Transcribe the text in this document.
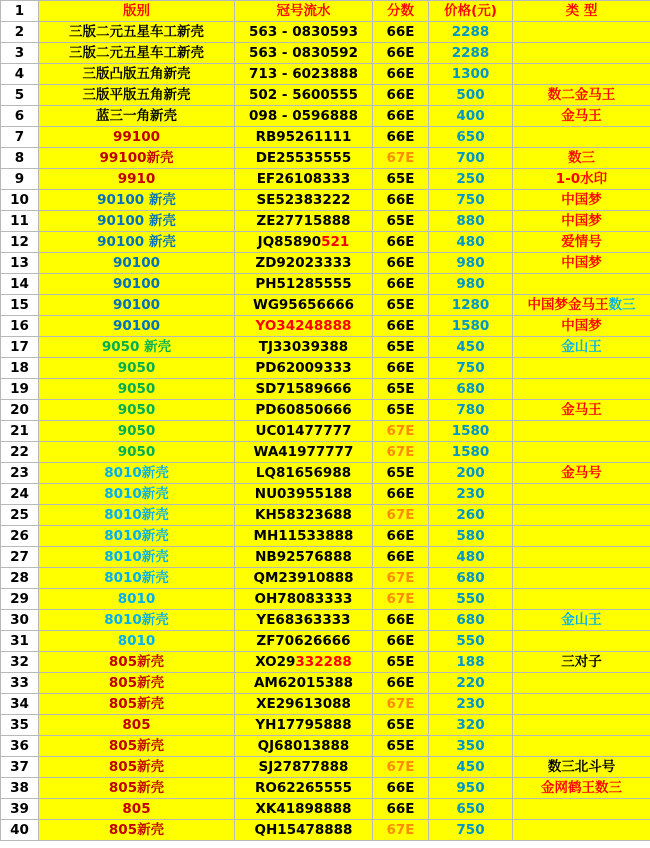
1	版别	冠号流水	分数	价格(元)	类 型
2	三版二元五星车工新壳	563 - 0830593	66E	2288	
3	三版二元五星车工新壳	563 - 0830592	66E	2288	
4	三版凸版五角新壳	713 - 6023888	66E	1300	
5	三版平版五角新壳	502 - 5600555	66E	500	数二金马王
6	蓝三一角新壳	098 - 0596888	66E	400	金马王
7	99100	RB95261111	66E	650	
8	99100新壳	DE25535555	67E	700	数三
9	9910	EF26108333	65E	250	1-0水印
10	90100 新壳	SE52383222	66E	750	中国梦
11	90100 新壳	ZE27715888	65E	880	中国梦
12	90100 新壳	JQ85890521	66E	480	爱情号
13	90100	ZD92023333	66E	980	中国梦
14	90100	PH51285555	66E	980	
15	90100	WG95656666	65E	1280	中国梦金马王数三
16	90100	YO34248888	66E	1580	中国梦
17	9050 新壳	TJ33039388	65E	450	金山王
18	9050	PD62009333	66E	750	
19	9050	SD71589666	65E	680	
20	9050	PD60850666	65E	780	金马王
21	9050	UC01477777	67E	1580	
22	9050	WA41977777	67E	1580	
23	8010新壳	LQ81656988	65E	200	金马号
24	8010新壳	NU03955188	66E	230	
25	8010新壳	KH58323688	67E	260	
26	8010新壳	MH11533888	66E	580	
27	8010新壳	NB92576888	66E	480	
28	8010新壳	QM23910888	67E	680	
29	8010	OH78083333	67E	550	
30	8010新壳	YE68363333	66E	680	金山王
31	8010	ZF70626666	66E	550	
32	805新壳	XO29332288	65E	188	三对子
33	805新壳	AM62015388	66E	220	
34	805新壳	XE29613088	67E	230	
35	805	YH17795888	65E	320	
36	805新壳	QJ68013888	65E	350	
37	805新壳	SJ27877888	67E	450	数三北斗号
38	805新壳	RO62265555	66E	950	金网鹤王数三
39	805	XK41898888	66E	650	
40	805新壳	QH15478888	67E	750	
